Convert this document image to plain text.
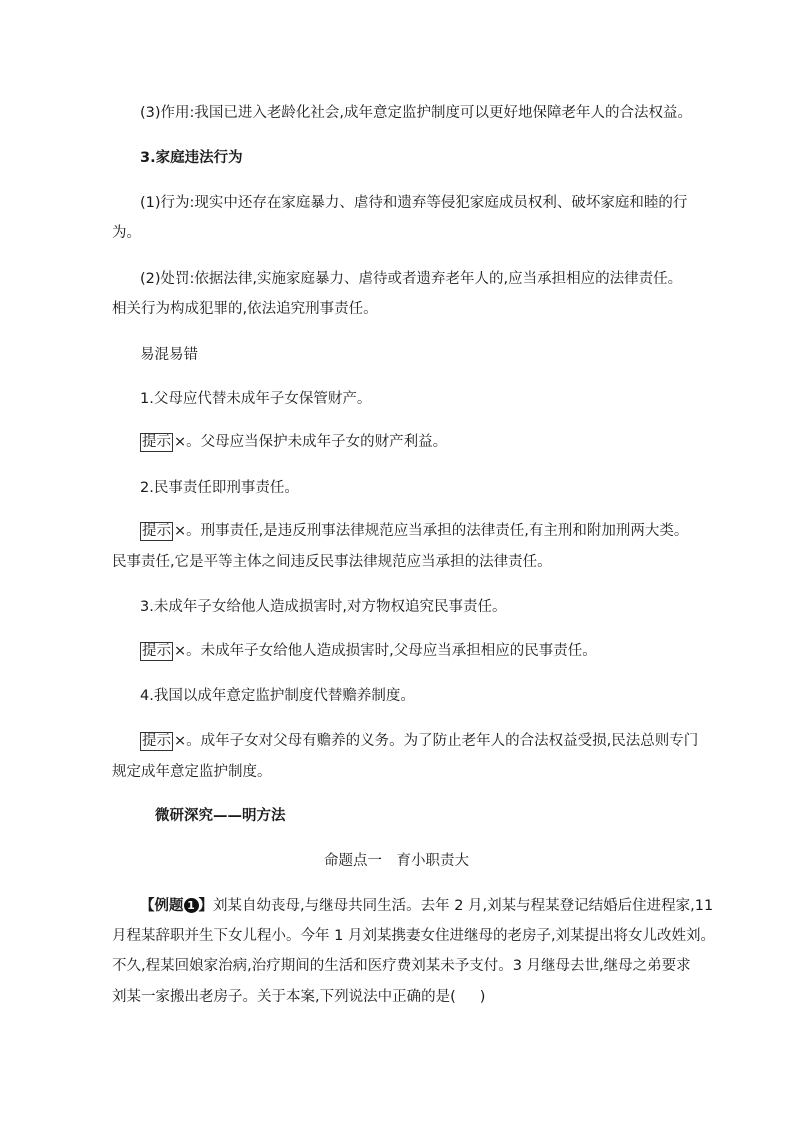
(3)作用:我国已进入老龄化社会,成年意定监护制度可以更好地保障老年人的合法权益。
3.家庭违法行为
(1)行为:现实中还存在家庭暴力、虐待和遗弃等侵犯家庭成员权利、破坏家庭和睦的行
为。
(2)处罚:依据法律,实施家庭暴力、虐待或者遗弃老年人的,应当承担相应的法律责任。
相关行为构成犯罪的,依法追究刑事责任。
易混易错
1.父母应代替未成年子女保管财产。
提示 ×。父母应当保护未成年子女的财产利益。
2.民事责任即刑事责任。
提示 ×。刑事责任,是违反刑事法律规范应当承担的法律责任,有主刑和附加刑两大类。
民事责任,它是平等主体之间违反民事法律规范应当承担的法律责任。
3.未成年子女给他人造成损害时,对方物权追究民事责任。
提示 ×。未成年子女给他人造成损害时,父母应当承担相应的民事责任。
4.我国以成年意定监护制度代替赡养制度。
提示 ×。成年子女对父母有赡养的义务。为了防止老年人的合法权益受损,民法总则专门
规定成年意定监护制度。
微研深究——明方法
命题点一　育小职责大
【例题 1 】刘某自幼丧母,与继母共同生活。去年 2 月,刘某与程某登记结婚后住进程家,11
月程某辞职并生下女儿程小。今年 1 月刘某携妻女住进继母的老房子,刘某提出将女儿改姓刘。
不久,程某回娘家治病,治疗期间的生活和医疗费刘某未予支付。3 月继母去世,继母之弟要求
刘某一家搬出老房子。关于本案,下列说法中正确的是( )
